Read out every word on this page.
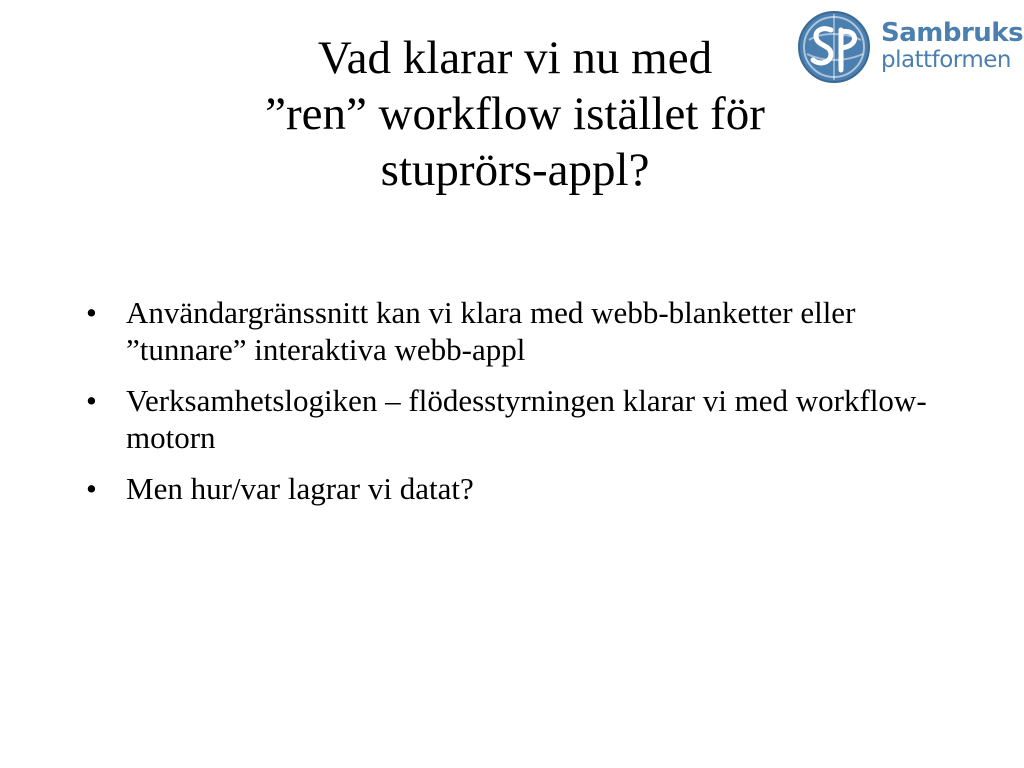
Vad klarar vi nu med
”ren” workflow istället för
stuprörs-appl?
Sambruks
plattformen
• Användargränssnitt kan vi klara med webb-blanketter eller ”tunnare” interaktiva webb-appl
• Verksamhetslogiken – flödesstyrningen klarar vi med workflow-motorn
• Men hur/var lagrar vi datat?
